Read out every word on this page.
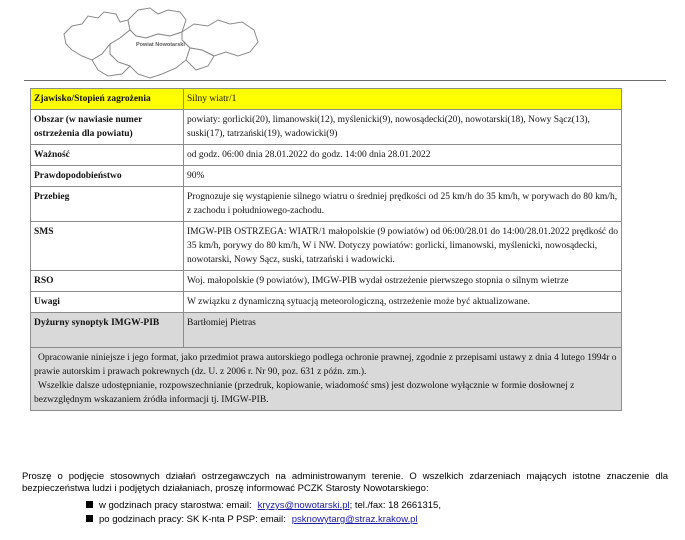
Powiat Nowotarski
Zjawisko/Stopień zagrożenia	Silny wiatr/1
Obszar (w nawiasie numer ostrzeżenia dla powiatu)	powiaty: gorlicki(20), limanowski(12), myślenicki(9), nowosądecki(20), nowotarski(18), Nowy Sącz(13), suski(17), tatrzański(19), wadowicki(9)
Ważność	od godz. 06:00 dnia 28.01.2022 do godz. 14:00 dnia 28.01.2022
Prawdopodobieństwo	90%
Przebieg	Prognozuje się wystąpienie silnego wiatru o średniej prędkości od 25 km/h do 35 km/h, w porywach do 80 km/h, z zachodu i południowego-zachodu.
SMS	IMGW-PIB OSTRZEGA: WIATR/1 małopolskie (9 powiatów) od 06:00/28.01 do 14:00/28.01.2022 prędkość do 35 km/h, porywy do 80 km/h, W i NW. Dotyczy powiatów: gorlicki, limanowski, myślenicki, nowosądecki, nowotarski, Nowy Sącz, suski, tatrzański i wadowicki.
RSO	Woj. małopolskie (9 powiatów), IMGW-PIB wydał ostrzeżenie pierwszego stopnia o silnym wietrze
Uwagi	W związku z dynamiczną sytuacją meteorologiczną, ostrzeżenie może być aktualizowane.
Dyżurny synoptyk IMGW-PIB	Bartłomiej Pietras

Opracowanie niniejsze i jego format, jako przedmiot prawa autorskiego podlega ochronie prawnej, zgodnie z przepisami ustawy z dnia 4 lutego 1994r o prawie autorskim i prawach pokrewnych (dz. U. z 2006 r. Nr 90, poz. 631 z późn. zm.).
Wszelkie dalsze udostępnianie, rozpowszechnianie (przedruk, kopiowanie, wiadomość sms) jest dozwolone wyłącznie w formie dosłownej z bezwzględnym wskazaniem źródła informacji tj. IMGW-PIB.	

Proszę o podjęcie stosownych działań ostrzegawczych na administrowanym terenie. O wszelkich zdarzeniach mających istotne znaczenie dla bezpieczeństwa ludzi i podjętych działaniach, proszę informować PCZK Starosty Nowotarskiego:

w godzinach pracy starostwa: email: kryzys@nowotarski.pl; tel./fax: 18 2661315,
po godzinach pracy: SK K-nta P PSP: email: psknowytarg@straz.krakow.pl
